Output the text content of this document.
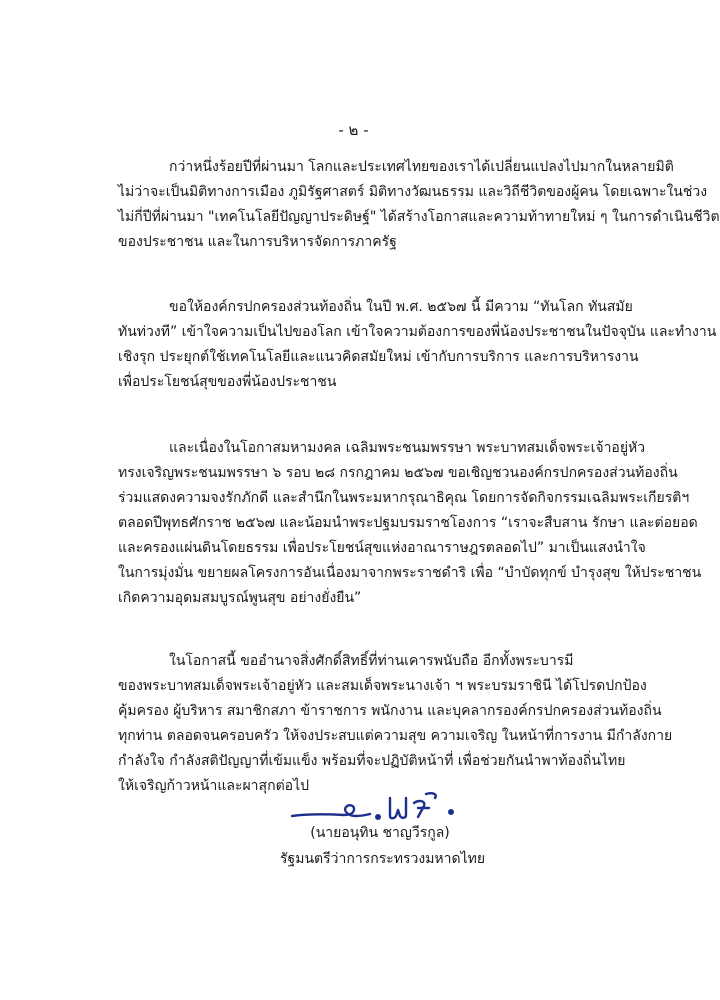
- ๒ -

กว่าหนึ่งร้อยปีที่ผ่านมา โลกและประเทศไทยของเราได้เปลี่ยนแปลงไปมากในหลายมิติ
ไม่ว่าจะเป็นมิติทางการเมือง ภูมิรัฐศาสตร์ มิติทางวัฒนธรรม และวิถีชีวิตของผู้คน โดยเฉพาะในช่วง
ไม่กี่ปีที่ผ่านมา "เทคโนโลยีปัญญาประดิษฐ์" ได้สร้างโอกาสและความท้าทายใหม่ ๆ ในการดำเนินชีวิต
ของประชาชน และในการบริหารจัดการภาครัฐ

ขอให้องค์กรปกครองส่วนท้องถิ่น ในปี พ.ศ. ๒๕๖๗ นี้ มีความ “ทันโลก ทันสมัย
ทันท่วงที” เข้าใจความเป็นไปของโลก เข้าใจความต้องการของพี่น้องประชาชนในปัจจุบัน และทำงาน
เชิงรุก ประยุกต์ใช้เทคโนโลยีและแนวคิดสมัยใหม่ เข้ากับการบริการ และการบริหารงาน
เพื่อประโยชน์สุขของพี่น้องประชาชน

และเนื่องในโอกาสมหามงคล เฉลิมพระชนมพรรษา พระบาทสมเด็จพระเจ้าอยู่หัว
ทรงเจริญพระชนมพรรษา ๖ รอบ ๒๘ กรกฎาคม ๒๕๖๗ ขอเชิญชวนองค์กรปกครองส่วนท้องถิ่น
ร่วมแสดงความจงรักภักดี และสำนึกในพระมหากรุณาธิคุณ โดยการจัดกิจกรรมเฉลิมพระเกียรติฯ
ตลอดปีพุทธศักราช ๒๕๖๗ และน้อมนำพระปฐมบรมราชโองการ “เราจะสืบสาน รักษา และต่อยอด
และครองแผ่นดินโดยธรรม เพื่อประโยชน์สุขแห่งอาณาราษฎรตลอดไป” มาเป็นแสงนำใจ
ในการมุ่งมั่น ขยายผลโครงการอันเนื่องมาจากพระราชดำริ เพื่อ “บำบัดทุกข์ บำรุงสุข ให้ประชาชน
เกิดความอุดมสมบูรณ์พูนสุข อย่างยั่งยืน”

ในโอกาสนี้ ขออำนาจสิ่งศักดิ์สิทธิ์ที่ท่านเคารพนับถือ อีกทั้งพระบารมี
ของพระบาทสมเด็จพระเจ้าอยู่หัว และสมเด็จพระนางเจ้า ฯ พระบรมราชินี ได้โปรดปกป้อง
คุ้มครอง ผู้บริหาร สมาชิกสภา ข้าราชการ พนักงาน และบุคลากรองค์กรปกครองส่วนท้องถิ่น
ทุกท่าน ตลอดจนครอบครัว ให้จงประสบแต่ความสุข ความเจริญ ในหน้าที่การงาน มีกำลังกาย
กำลังใจ กำลังสติปัญญาที่เข้มแข็ง พร้อมที่จะปฏิบัติหน้าที่ เพื่อช่วยกันนำพาท้องถิ่นไทย
ให้เจริญก้าวหน้าและผาสุกต่อไป

(นายอนุทิน ชาญวีรกูล)
รัฐมนตรีว่าการกระทรวงมหาดไทย
